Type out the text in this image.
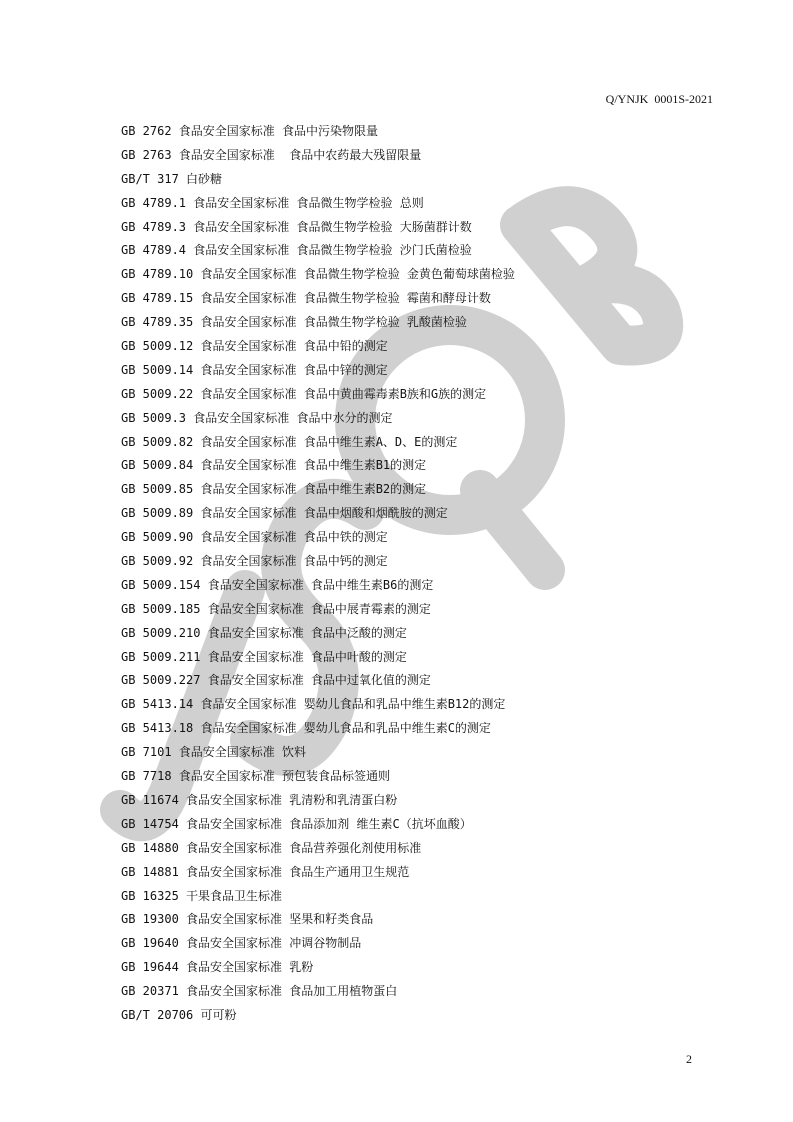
Q/YNJK  0001S-2021
GB 2762 食品安全国家标准 食品中污染物限量
GB 2763 食品安全国家标准  食品中农药最大残留限量
GB/T 317 白砂糖
GB 4789.1 食品安全国家标准 食品微生物学检验 总则
GB 4789.3 食品安全国家标准 食品微生物学检验 大肠菌群计数
GB 4789.4 食品安全国家标准 食品微生物学检验 沙门氏菌检验
GB 4789.10 食品安全国家标准 食品微生物学检验 金黄色葡萄球菌检验
GB 4789.15 食品安全国家标准 食品微生物学检验 霉菌和酵母计数
GB 4789.35 食品安全国家标准 食品微生物学检验 乳酸菌检验
GB 5009.12 食品安全国家标准 食品中铅的测定
GB 5009.14 食品安全国家标准 食品中锌的测定
GB 5009.22 食品安全国家标准 食品中黄曲霉毒素B族和G族的测定
GB 5009.3 食品安全国家标准 食品中水分的测定
GB 5009.82 食品安全国家标准 食品中维生素A、D、E的测定
GB 5009.84 食品安全国家标准 食品中维生素B1的测定
GB 5009.85 食品安全国家标准 食品中维生素B2的测定
GB 5009.89 食品安全国家标准 食品中烟酸和烟酰胺的测定
GB 5009.90 食品安全国家标准 食品中铁的测定
GB 5009.92 食品安全国家标准 食品中钙的测定
GB 5009.154 食品安全国家标准 食品中维生素B6的测定
GB 5009.185 食品安全国家标准 食品中展青霉素的测定
GB 5009.210 食品安全国家标准 食品中泛酸的测定
GB 5009.211 食品安全国家标准 食品中叶酸的测定
GB 5009.227 食品安全国家标准 食品中过氧化值的测定
GB 5413.14 食品安全国家标准 婴幼儿食品和乳品中维生素B12的测定
GB 5413.18 食品安全国家标准 婴幼儿食品和乳品中维生素C的测定
GB 7101 食品安全国家标准 饮料
GB 7718 食品安全国家标准 预包装食品标签通则
GB 11674 食品安全国家标准 乳清粉和乳清蛋白粉
GB 14754 食品安全国家标准 食品添加剂 维生素C（抗坏血酸）
GB 14880 食品安全国家标准 食品营养强化剂使用标准
GB 14881 食品安全国家标准 食品生产通用卫生规范
GB 16325 干果食品卫生标准
GB 19300 食品安全国家标准 坚果和籽类食品
GB 19640 食品安全国家标准 冲调谷物制品
GB 19644 食品安全国家标准 乳粉
GB 20371 食品安全国家标准 食品加工用植物蛋白
GB/T 20706 可可粉
2
